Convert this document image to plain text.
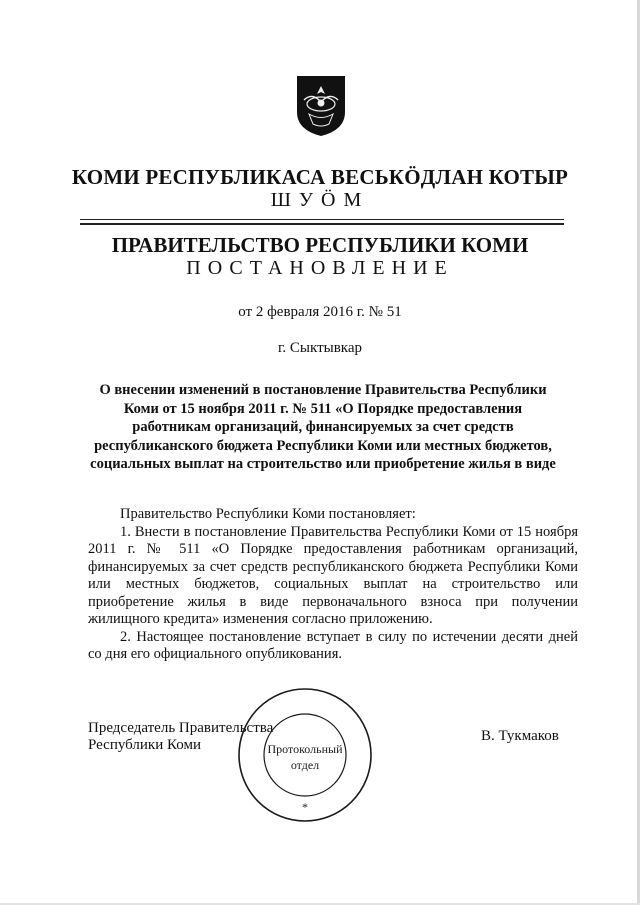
КОМИ РЕСПУБЛИКАСА ВЕСЬКÖДЛАН КОТЫР
ШУÖМ
ПРАВИТЕЛЬСТВО РЕСПУБЛИКИ КОМИ
ПОСТАНОВЛЕНИЕ
от 2 февраля 2016 г. № 51
г. Сыктывкар
О внесении изменений в постановление Правительства Республики
Коми от 15 ноября 2011 г. № 511 «О Порядке предоставления
работникам организаций, финансируемых за счет средств
республиканского бюджета Республики Коми или местных бюджетов,
социальных выплат на строительство или приобретение жилья в виде

Правительство Республики Коми постановляет:

1. Внести в постановление Правительства Республики Коми от 15 ноября 2011 г. № 511 «О Порядке предоставления работникам организаций, финансируемых за счет средств республиканского бюджета Республики Коми или местных бюджетов, социальных выплат на строительство или приобретение жилья в виде первоначального взноса при получении жилищного кредита» изменения согласно приложению.

2. Настоящее постановление вступает в силу по истечении десяти дней со дня его официального опубликования.

Председатель Правительства
Республики Коми
В. Тукмаков
Протокольный
отдел
*
